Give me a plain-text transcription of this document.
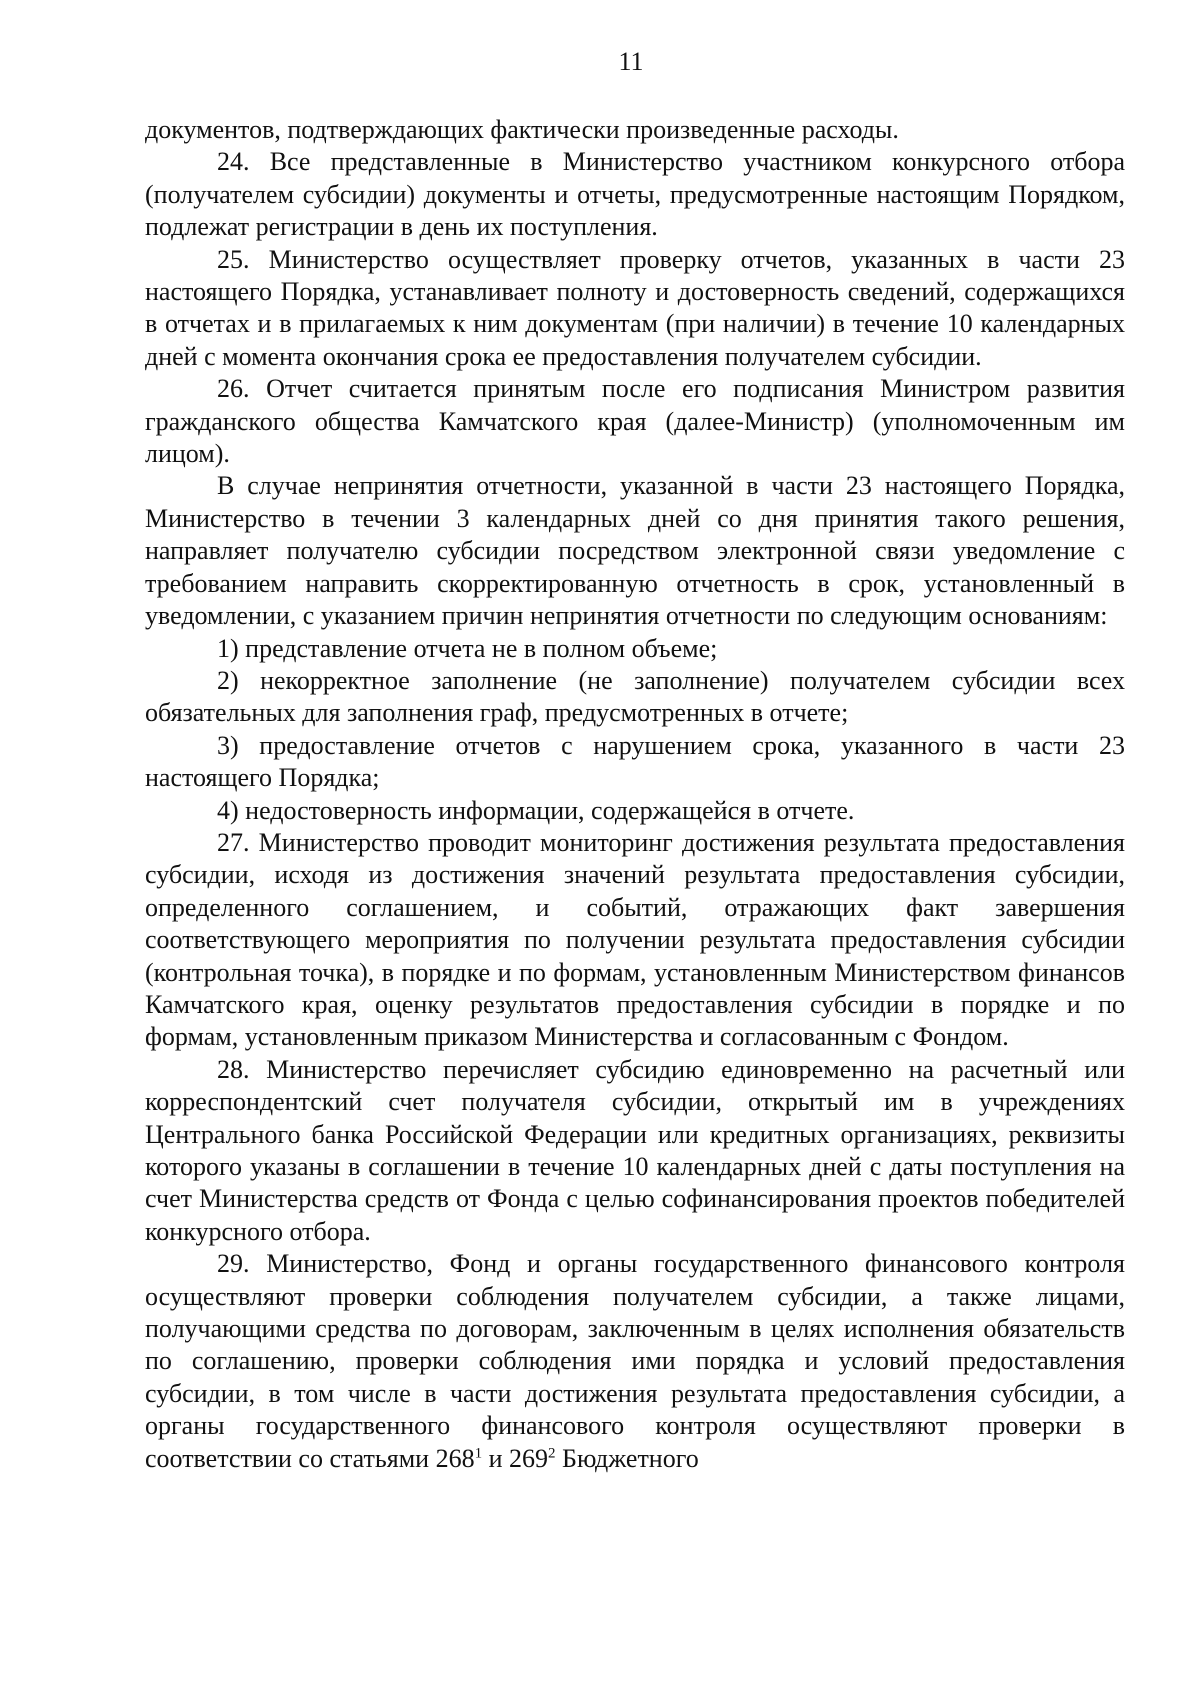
11

документов, подтверждающих фактически произведенные расходы.

24. Все представленные в Министерство участником конкурсного отбора (получателем субсидии) документы и отчеты, предусмотренные настоящим Порядком, подлежат регистрации в день их поступления.

25. Министерство осуществляет проверку отчетов, указанных в части 23 настоящего Порядка, устанавливает полноту и достоверность сведений, содержащихся в отчетах и в прилагаемых к ним документам (при наличии) в течение 10 календарных дней с момента окончания срока ее предоставления получателем субсидии.

26. Отчет считается принятым после его подписания Министром развития гражданского общества Камчатского края (далее-Министр) (уполномоченным им лицом).

В случае непринятия отчетности, указанной в части 23 настоящего Порядка, Министерство в течении 3 календарных дней со дня принятия такого решения, направляет получателю субсидии посредством электронной связи уведомление с требованием направить скорректированную отчетность в срок, установленный в уведомлении, с указанием причин непринятия отчетности по следующим основаниям:

1) представление отчета не в полном объеме;

2) некорректное заполнение (не заполнение) получателем субсидии всех обязательных для заполнения граф, предусмотренных в отчете;

3) предоставление отчетов с нарушением срока, указанного в части 23 настоящего Порядка;

4) недостоверность информации, содержащейся в отчете.

27. Министерство проводит мониторинг достижения результата предоставления субсидии, исходя из достижения значений результата предоставления субсидии, определенного соглашением, и событий, отражающих факт завершения соответствующего мероприятия по получении результата предоставления субсидии (контрольная точка), в порядке и по формам, установленным Министерством финансов Камчатского края, оценку результатов предоставления субсидии в порядке и по формам, установленным приказом Министерства и согласованным с Фондом.

28. Министерство перечисляет субсидию единовременно на расчетный или корреспондентский счет получателя субсидии, открытый им в учреждениях Центрального банка Российской Федерации или кредитных организациях, реквизиты которого указаны в соглашении в течение 10 календарных дней с даты поступления на счет Министерства средств от Фонда с целью софинансирования проектов победителей конкурсного отбора.

29. Министерство, Фонд и органы государственного финансового контроля осуществляют проверки соблюдения получателем субсидии, а также лицами, получающими средства по договорам, заключенным в целях исполнения обязательств по соглашению, проверки соблюдения ими порядка и условий предоставления субсидии, в том числе в части достижения результата предоставления субсидии, а органы государственного финансового контроля осуществляют проверки в соответствии со статьями $268^1$ и $269^2$ Бюджетного
